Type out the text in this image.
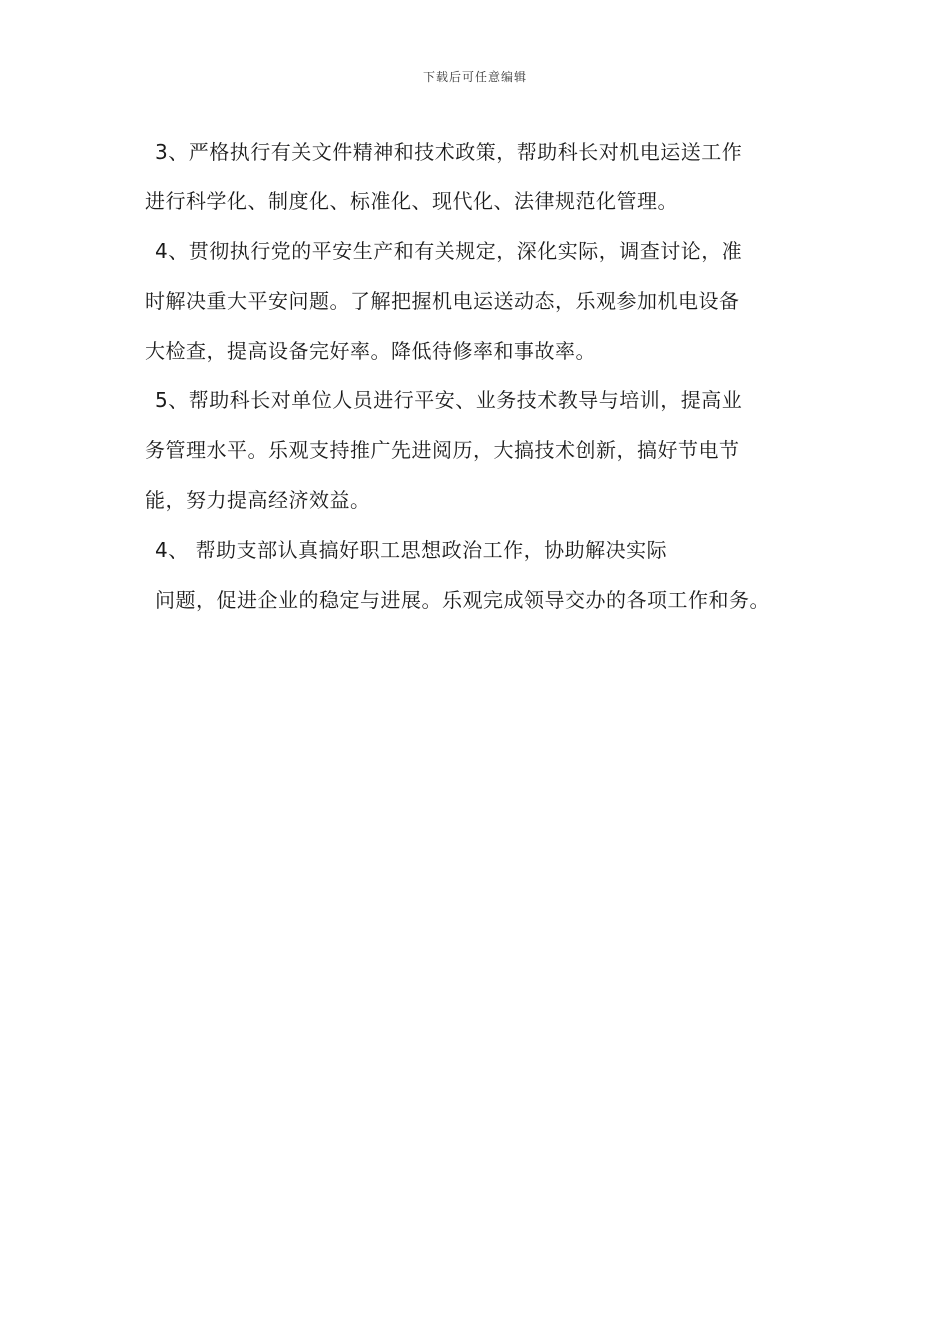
下载后可任意编辑
3、严格执行有关文件精神和技术政策，帮助科长对机电运送工作
进行科学化、制度化、标准化、现代化、法律规范化管理。
4、贯彻执行党的平安生产和有关规定，深化实际，调查讨论，准
时解决重大平安问题。了解把握机电运送动态，乐观参加机电设备
大检查，提高设备完好率。降低待修率和事故率。
5、帮助科长对单位人员进行平安、业务技术教导与培训，提高业
务管理水平。乐观支持推广先进阅历，大搞技术创新，搞好节电节
能，努力提高经济效益。
4、 帮助支部认真搞好职工思想政治工作，协助解决实际
问题，促进企业的稳定与进展。乐观完成领导交办的各项工作和务。
